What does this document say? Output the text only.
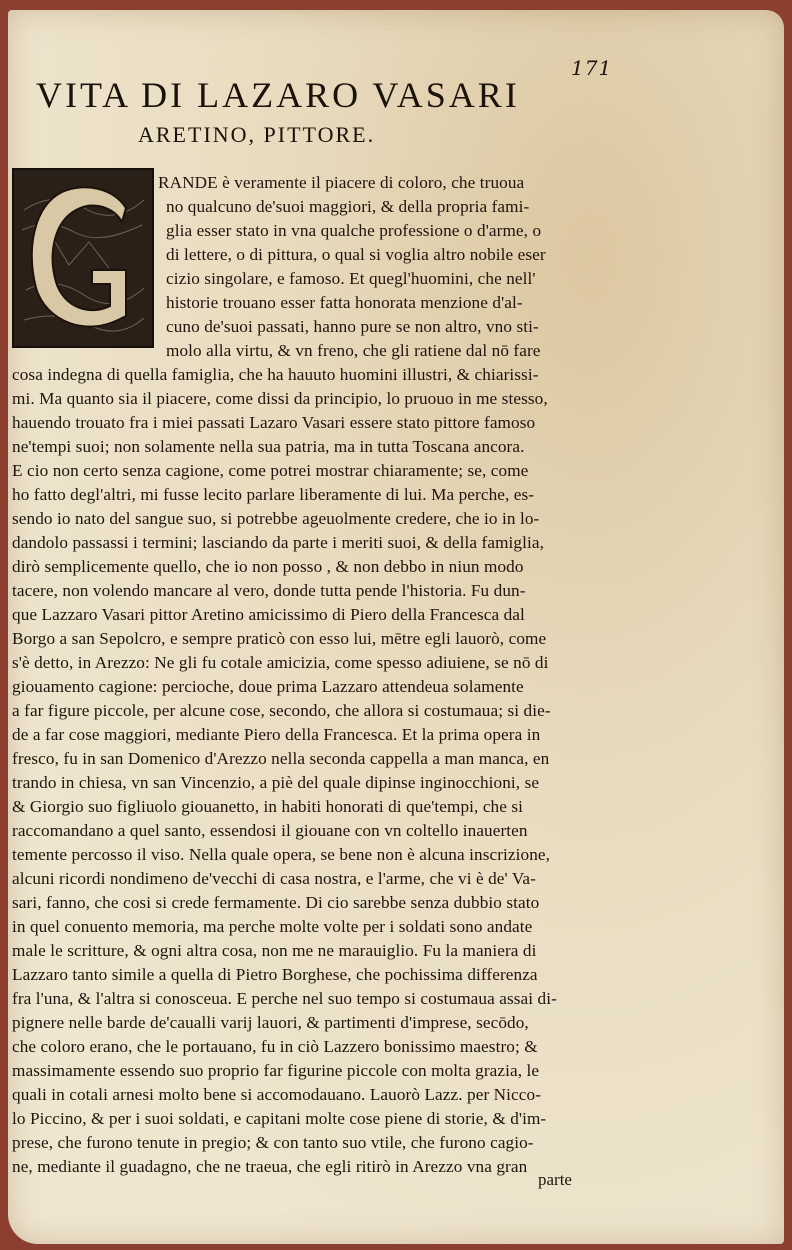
171
VITA DI LAZARO VASARI
ARETINO, PITTORE.
G
RANDE è veramente il piacere di coloro, che truoua
no qualcuno de'suoi maggiori, & della propria fami-
glia esser stato in vna qualche professione o d'arme, o
di lettere, o di pittura, o qual si voglia altro nobile eser
cizio singolare, e famoso. Et quegl'huomini, che nell'
historie trouano esser fatta honorata menzione d'al-
cuno de'suoi passati, hanno pure se non altro, vno sti-
molo alla virtu, & vn freno, che gli ratiene dal nō fare
cosa indegna di quella famiglia, che ha hauuto huomini illustri, & chiarissi-
mi. Ma quanto sia il piacere, come dissi da principio, lo pruouo in me stesso,
hauendo trouato fra i miei passati Lazaro Vasari essere stato pittore famoso
ne'tempi suoi; non solamente nella sua patria, ma in tutta Toscana ancora.
E cio non certo senza cagione, come potrei mostrar chiaramente; se, come
ho fatto degl'altri, mi fusse lecito parlare liberamente di lui. Ma perche, es-
sendo io nato del sangue suo, si potrebbe ageuolmente credere, che io in lo-
dandolo passassi i termini; lasciando da parte i meriti suoi, & della famiglia,
dirò semplicemente quello, che io non posso , & non debbo in niun modo
tacere, non volendo mancare al vero, donde tutta pende l'historia. Fu dun-
que Lazzaro Vasari pittor Aretino amicissimo di Piero della Francesca dal
Borgo a san Sepolcro, e sempre praticò con esso lui, mētre egli lauorò, come
s'è detto, in Arezzo: Ne gli fu cotale amicizia, come spesso adiuiene, se nō di
giouamento cagione: percioche, doue prima Lazzaro attendeua solamente
a far figure piccole, per alcune cose, secondo, che allora si costumaua; si die-
de a far cose maggiori, mediante Piero della Francesca. Et la prima opera in
fresco, fu in san Domenico d'Arezzo nella seconda cappella a man manca, en
trando in chiesa, vn san Vincenzio, a piè del quale dipinse inginocchioni, se
& Giorgio suo figliuolo giouanetto, in habiti honorati di que'tempi, che si
raccomandano a quel santo, essendosi il giouane con vn coltello inauerten
temente percosso il viso. Nella quale opera, se bene non è alcuna inscrizione,
alcuni ricordi nondimeno de'vecchi di casa nostra, e l'arme, che vi è de' Va-
sari, fanno, che cosi si crede fermamente. Di cio sarebbe senza dubbio stato
in quel conuento memoria, ma perche molte volte per i soldati sono andate
male le scritture, & ogni altra cosa, non me ne marauiglio. Fu la maniera di
Lazzaro tanto simile a quella di Pietro Borghese, che pochissima differenza
fra l'una, & l'altra si conosceua. E perche nel suo tempo si costumaua assai di-
pignere nelle barde de'caualli varij lauori, & partimenti d'imprese, secōdo,
che coloro erano, che le portauano, fu in ciò Lazzero bonissimo maestro; &
massimamente essendo suo proprio far figurine piccole con molta grazia, le
quali in cotali arnesi molto bene si accomodauano. Lauorò Lazz. per Nicco-
lo Piccino, & per i suoi soldati, e capitani molte cose piene di storie, & d'im-
prese, che furono tenute in pregio; & con tanto suo vtile, che furono cagio-
ne, mediante il guadagno, che ne traeua, che egli ritirò in Arezzo vna gran
parte
